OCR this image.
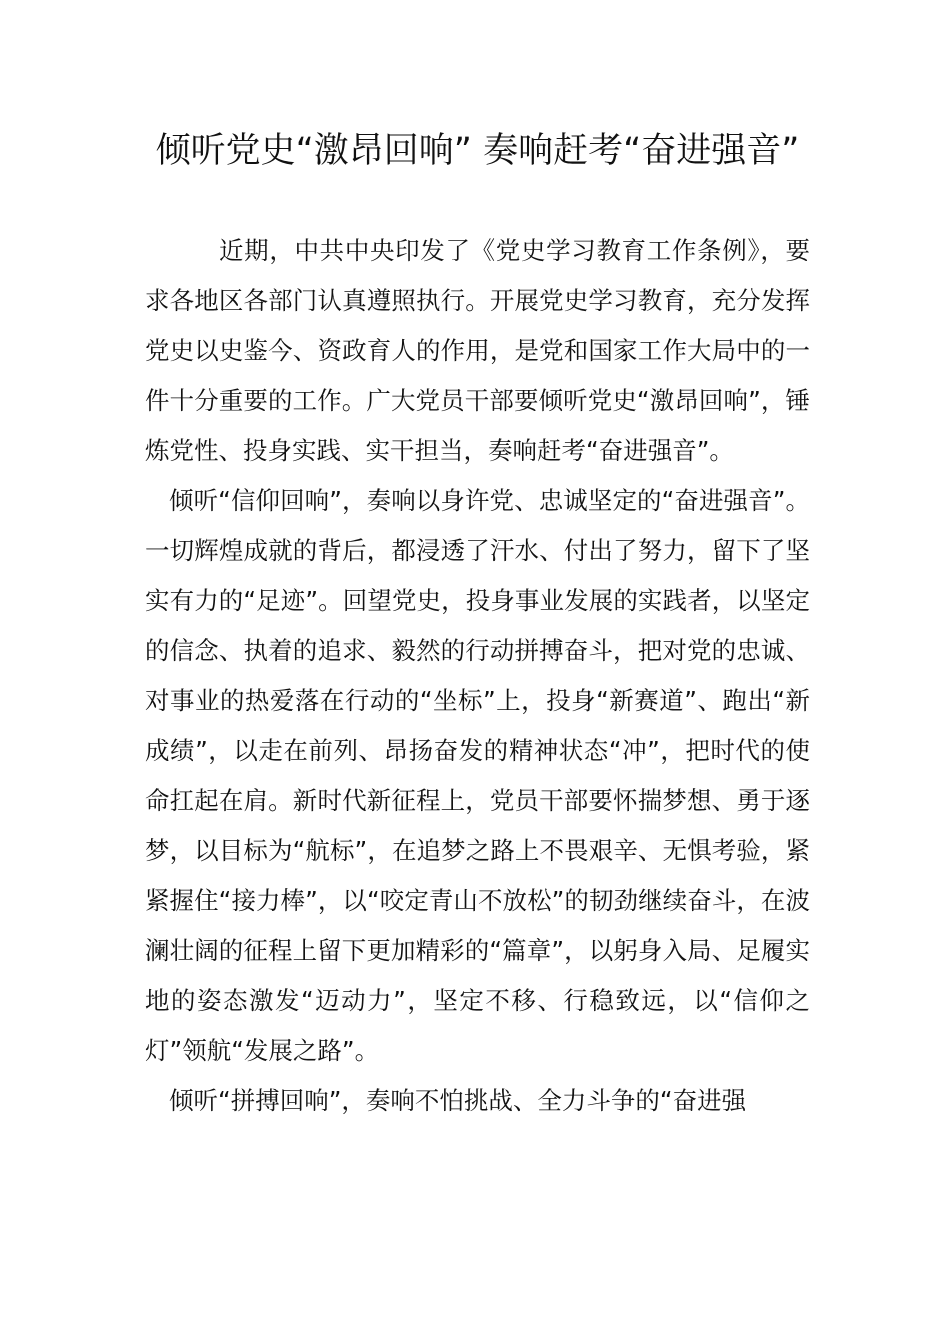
倾听党史“激昂回响” 奏响赶考“奋进强音”

近期，中共中央印发了《党史学习教育工作条例》，要求各地区各部门认真遵照执行。开展党史学习教育，充分发挥党史以史鉴今、资政育人的作用，是党和国家工作大局中的一件十分重要的工作。广大党员干部要倾听党史“激昂回响”，锤炼党性、投身实践、实干担当，奏响赶考“奋进强音”。

倾听“信仰回响”，奏响以身许党、忠诚坚定的“奋进强音”。一切辉煌成就的背后，都浸透了汗水、付出了努力，留下了坚实有力的“足迹”。回望党史，投身事业发展的实践者，以坚定的信念、执着的追求、毅然的行动拼搏奋斗，把对党的忠诚、对事业的热爱落在行动的“坐标”上，投身“新赛道”、跑出“新成绩”，以走在前列、昂扬奋发的精神状态“冲”，把时代的使命扛起在肩。新时代新征程上，党员干部要怀揣梦想、勇于逐梦，以目标为“航标”，在追梦之路上不畏艰辛、无惧考验，紧紧握住“接力棒”，以“咬定青山不放松”的韧劲继续奋斗，在波澜壮阔的征程上留下更加精彩的“篇章”，以躬身入局、足履实地的姿态激发“迈动力”，坚定不移、行稳致远，以“信仰之灯”领航“发展之路”。

倾听“拼搏回响”，奏响不怕挑战、全力斗争的“奋进强
